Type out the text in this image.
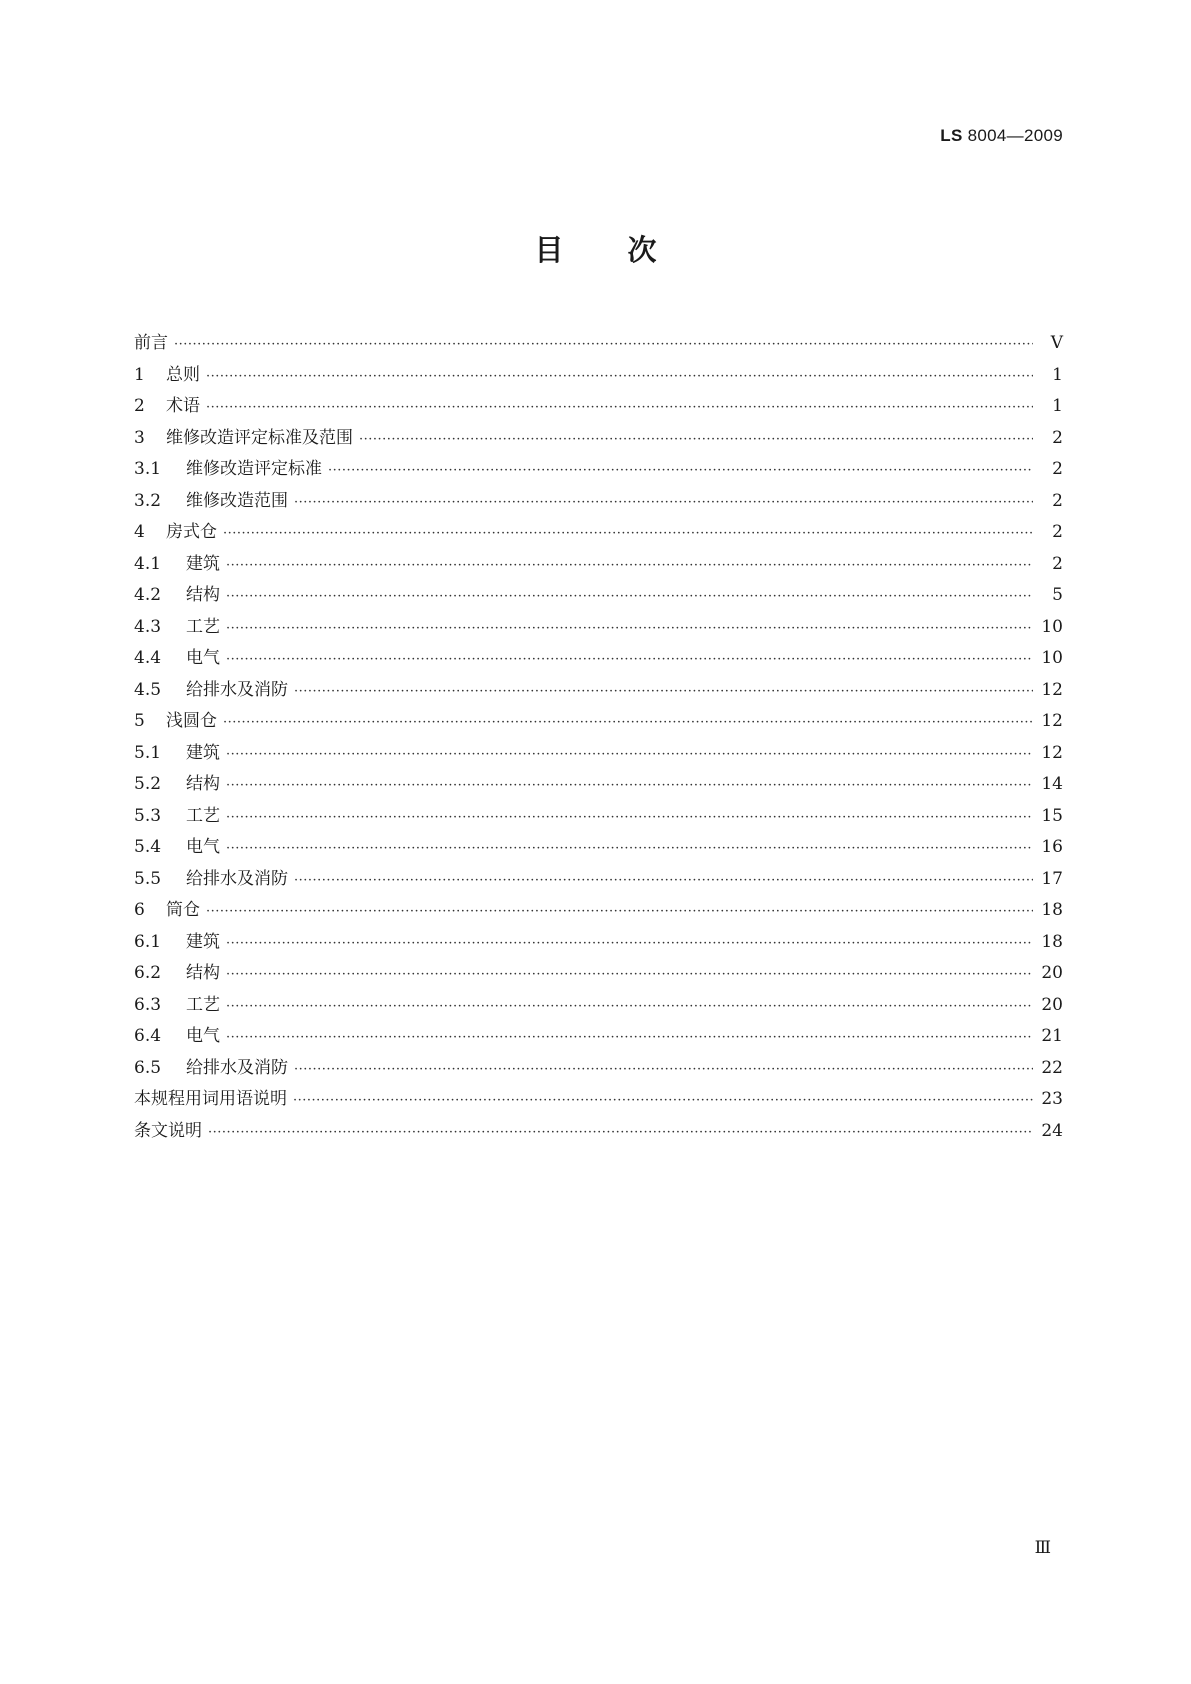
LS 8004—2009
目次
前言 ·····	V
1 总则 ·····	1
2 术语 ·····	1
3 维修改造评定标准及范围 ·····	2
3.1 维修改造评定标准 ·····	2
3.2 维修改造范围 ·····	2
4 房式仓 ·····	2
4.1 建筑 ·····	2
4.2 结构 ·····	5
4.3 工艺 ·····	10
4.4 电气 ·····	10
4.5 给排水及消防 ·····	12
5 浅圆仓 ·····	12
5.1 建筑 ·····	12
5.2 结构 ·····	14
5.3 工艺 ·····	15
5.4 电气 ·····	16
5.5 给排水及消防 ·····	17
6 筒仓 ·····	18
6.1 建筑 ·····	18
6.2 结构 ·····	20
6.3 工艺 ·····	20
6.4 电气 ·····	21
6.5 给排水及消防 ·····	22
本规程用词用语说明 ·····	23
条文说明 ·····	24
Ⅲ
